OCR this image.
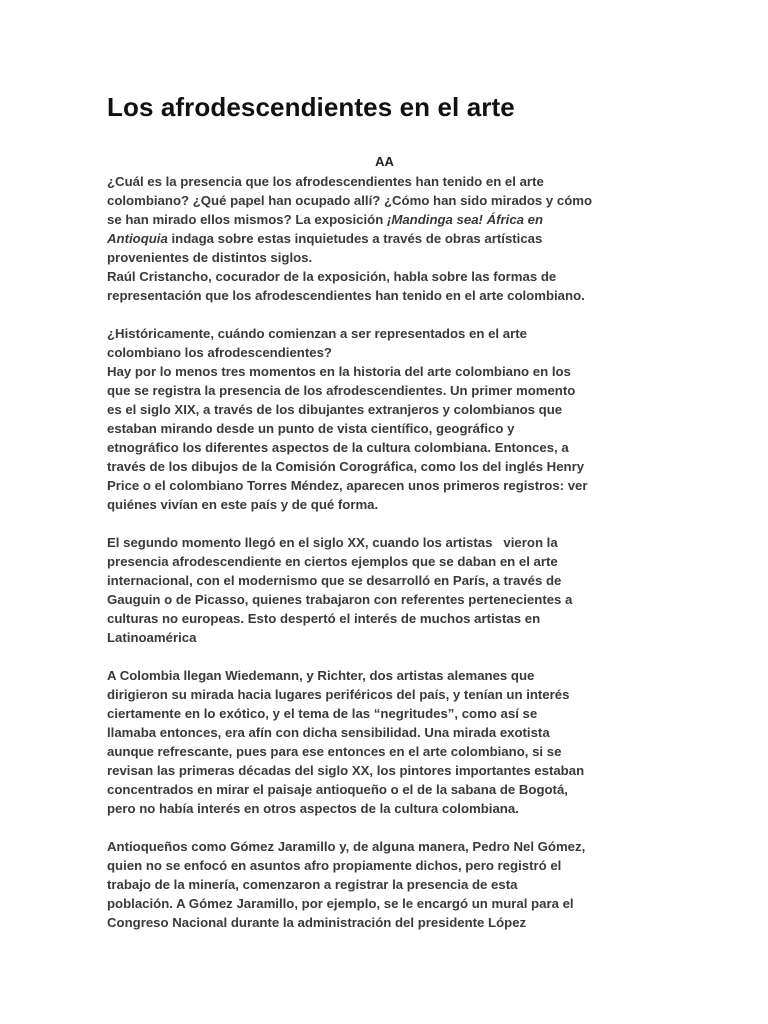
Los afrodescendientes en el arte
AA

¿Cuál es la presencia que los afrodescendientes han tenido en el arte
colombiano? ¿Qué papel han ocupado allí? ¿Cómo han sido mirados y cómo
se han mirado ellos mismos? La exposición ¡Mandinga sea! África en
Antioquia indaga sobre estas inquietudes a través de obras artísticas
provenientes de distintos siglos.
Raúl Cristancho, cocurador de la exposición, habla sobre las formas de
representación que los afrodescendientes han tenido en el arte colombiano.

¿Históricamente, cuándo comienzan a ser representados en el arte
colombiano los afrodescendientes?
Hay por lo menos tres momentos en la historia del arte colombiano en los
que se registra la presencia de los afrodescendientes. Un primer momento
es el siglo XIX, a través de los dibujantes extranjeros y colombianos que
estaban mirando desde un punto de vista científico, geográfico y
etnográfico los diferentes aspectos de la cultura colombiana. Entonces, a
través de los dibujos de la Comisión Corográfica, como los del inglés Henry
Price o el colombiano Torres Méndez, aparecen unos primeros registros: ver
quiénes vivían en este país y de qué forma.

El segundo momento llegó en el siglo XX, cuando los artistas   vieron la
presencia afrodescendiente en ciertos ejemplos que se daban en el arte
internacional, con el modernismo que se desarrolló en París, a través de
Gauguin o de Picasso, quienes trabajaron con referentes pertenecientes a
culturas no europeas. Esto despertó el interés de muchos artistas en
Latinoamérica

A Colombia llegan Wiedemann, y Richter, dos artistas alemanes que
dirigieron su mirada hacia lugares periféricos del país, y tenían un interés
ciertamente en lo exótico, y el tema de las “negritudes”, como así se
llamaba entonces, era afín con dicha sensibilidad. Una mirada exotista
aunque refrescante, pues para ese entonces en el arte colombiano, si se
revisan las primeras décadas del siglo XX, los pintores importantes estaban
concentrados en mirar el paisaje antioqueño o el de la sabana de Bogotá,
pero no había interés en otros aspectos de la cultura colombiana.

Antioqueños como Gómez Jaramillo y, de alguna manera, Pedro Nel Gómez,
quien no se enfocó en asuntos afro propiamente dichos, pero registró el
trabajo de la minería, comenzaron a registrar la presencia de esta
población. A Gómez Jaramillo, por ejemplo, se le encargó un mural para el
Congreso Nacional durante la administración del presidente López
